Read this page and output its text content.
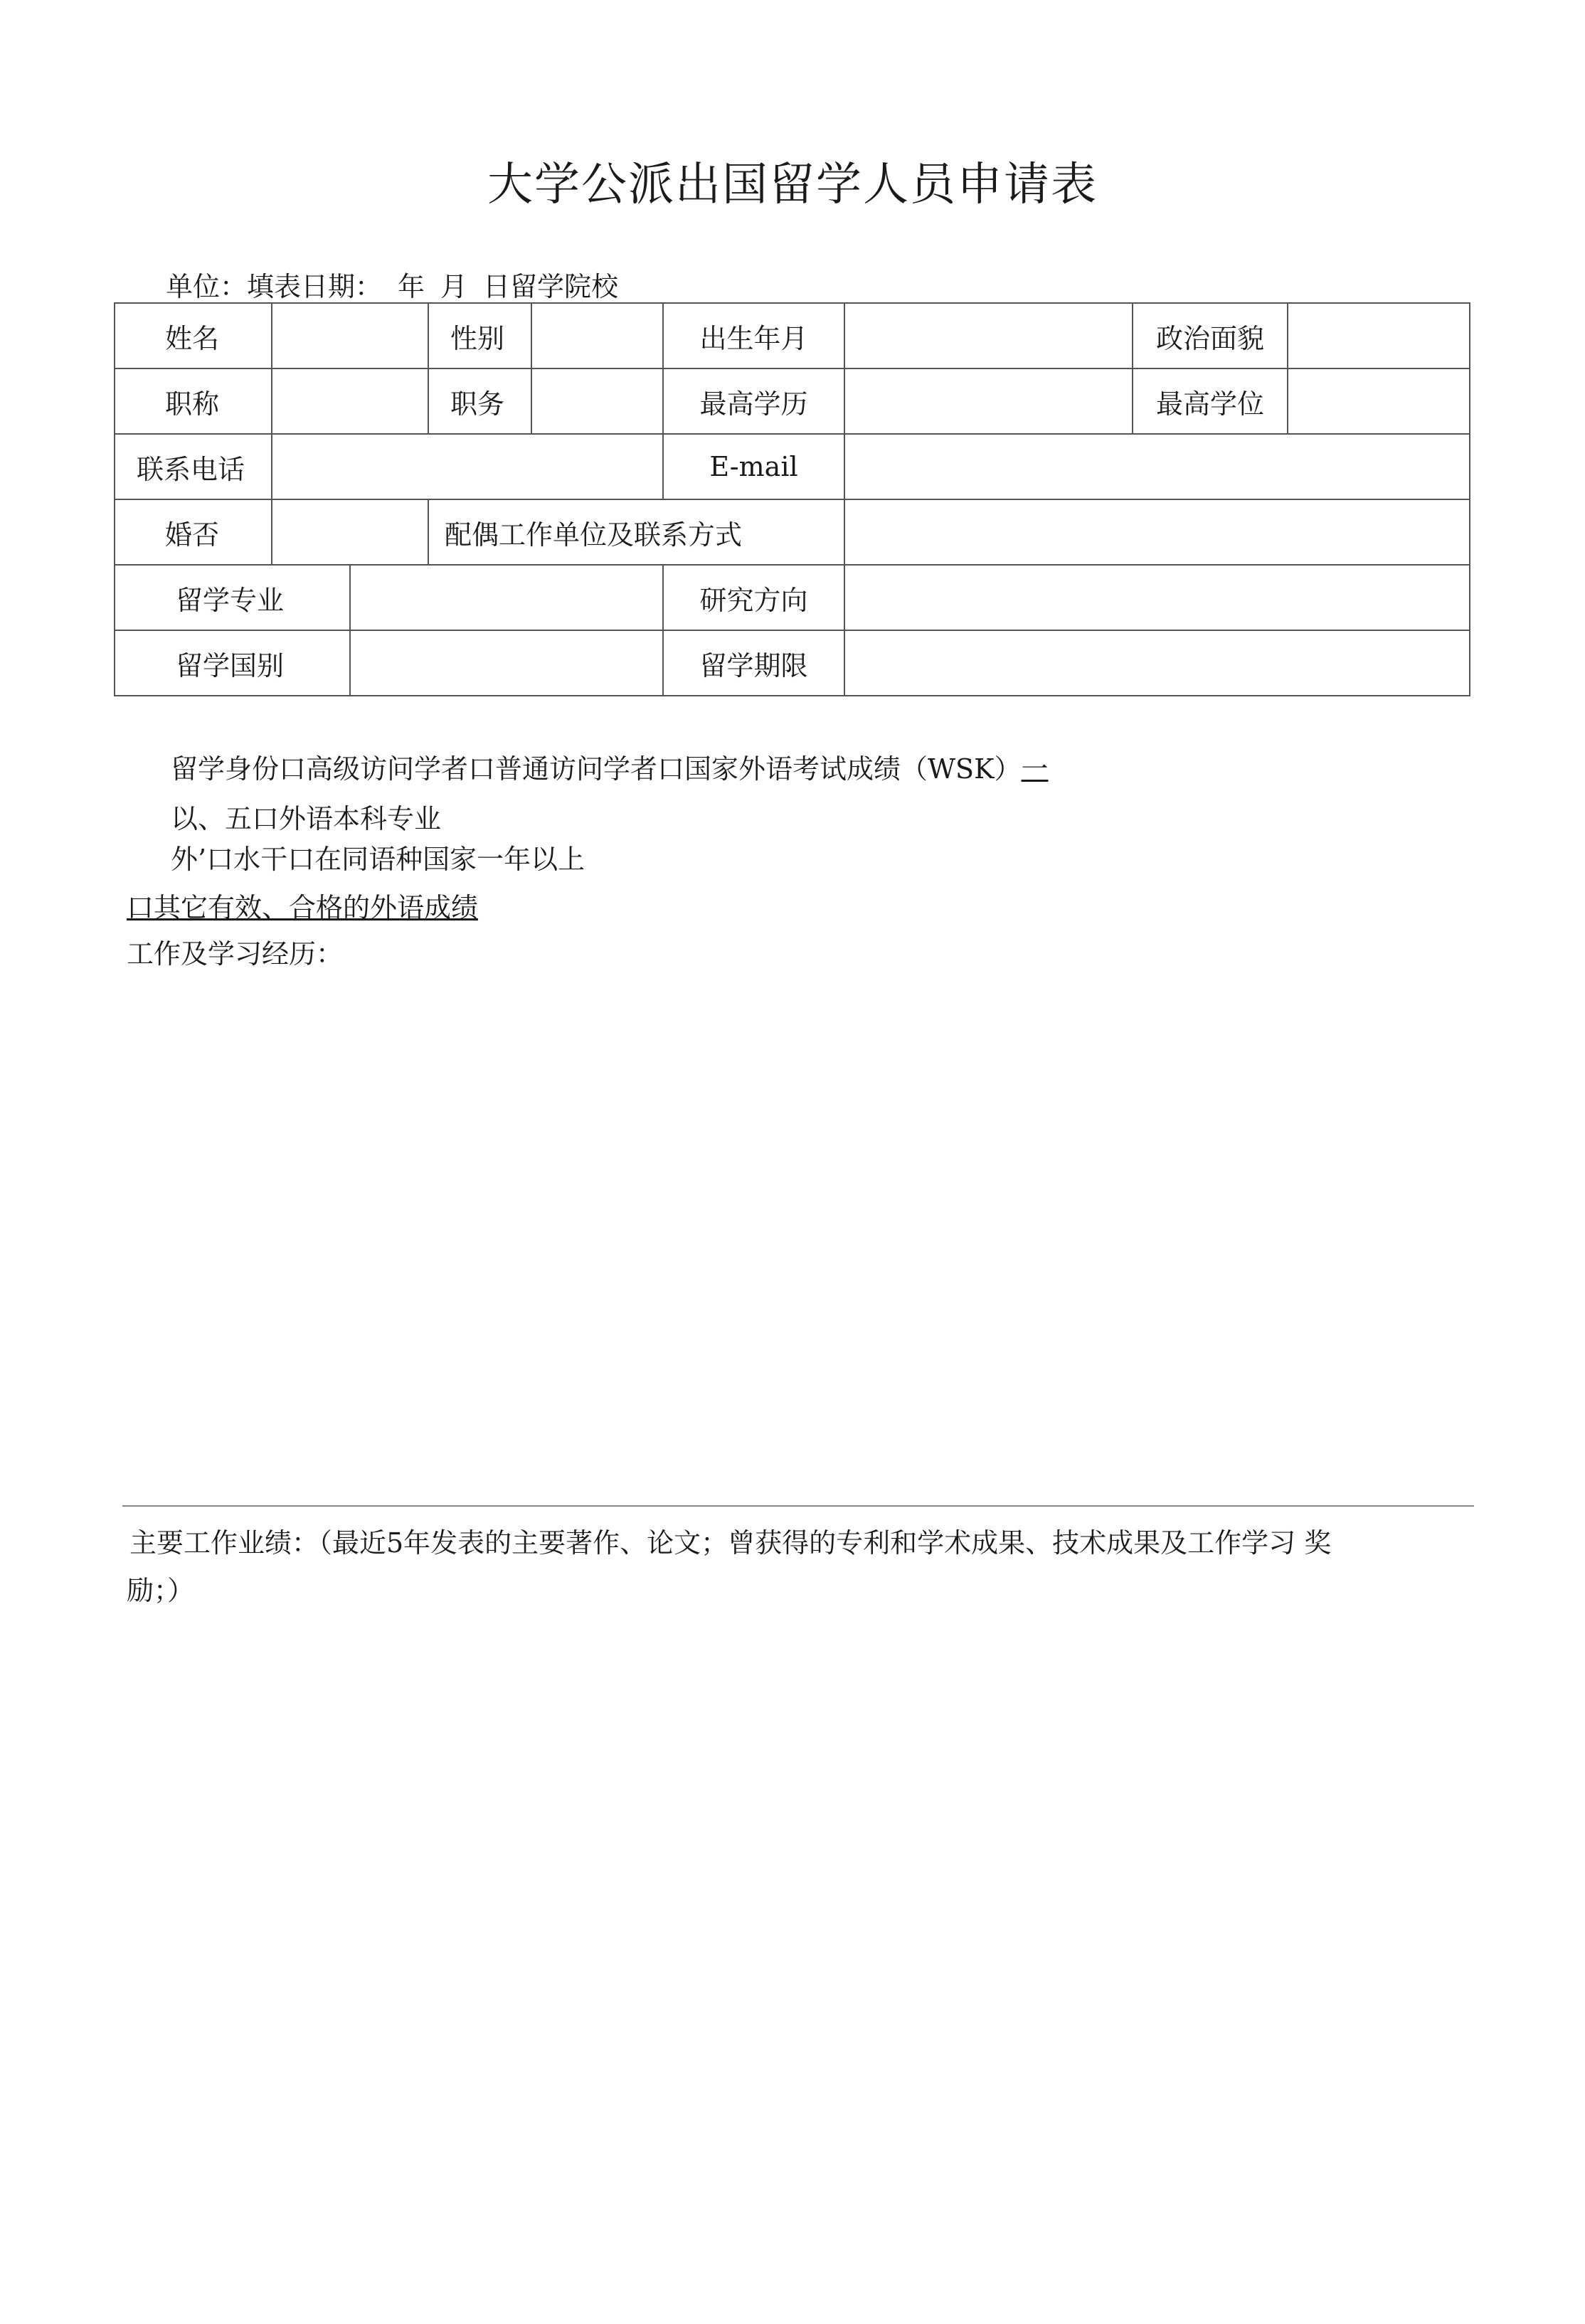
大学公派出国留学人员申请表
单位：填表日期： 年 月 日留学院校
姓名			性别		出生年月		政治面貌	
职称			职务		最高学历		最高学位	
联系电话					E-mail			
婚否			配偶工作单位及联系方式					
留学专业					研究方向			
留学国别					留学期限			
留学身份口高级访问学者口普通访问学者口国家外语考试成绩（WSK）一
以、五口外语本科专业
外’口水干口在同语种国家一年以上
口其它有效、合格的外语成绩
工作及学习经历：
主要工作业绩：（最近5年发表的主要著作、论文；曾获得的专利和学术成果、技术成果及工作学习 奖
励；）
